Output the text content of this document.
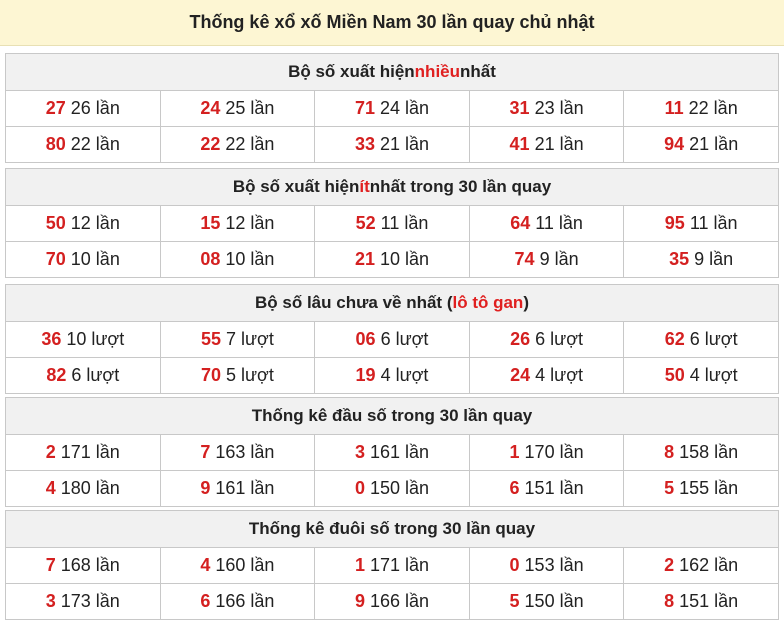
Thống kê xổ xố Miền Nam 30 lần quay chủ nhật
Bộ số xuất hiện nhiều nhất
27 26 lần	24 25 lần	71 24 lần	31 23 lần	11 22 lần
80 22 lần	22 22 lần	33 21 lần	41 21 lần	94 21 lần
Bộ số xuất hiện ít nhất trong 30 lần quay
50 12 lần	15 12 lần	52 11 lần	64 11 lần	95 11 lần
70 10 lần	08 10 lần	21 10 lần	74 9 lần	35 9 lần
Bộ số lâu chưa về nhất ( lô tô gan )
36 10 lượt	55 7 lượt	06 6 lượt	26 6 lượt	62 6 lượt
82 6 lượt	70 5 lượt	19 4 lượt	24 4 lượt	50 4 lượt
Thống kê đầu số trong 30 lần quay
2 171 lần	7 163 lần	3 161 lần	1 170 lần	8 158 lần
4 180 lần	9 161 lần	0 150 lần	6 151 lần	5 155 lần
Thống kê đuôi số trong 30 lần quay
7 168 lần	4 160 lần	1 171 lần	0 153 lần	2 162 lần
3 173 lần	6 166 lần	9 166 lần	5 150 lần	8 151 lần
